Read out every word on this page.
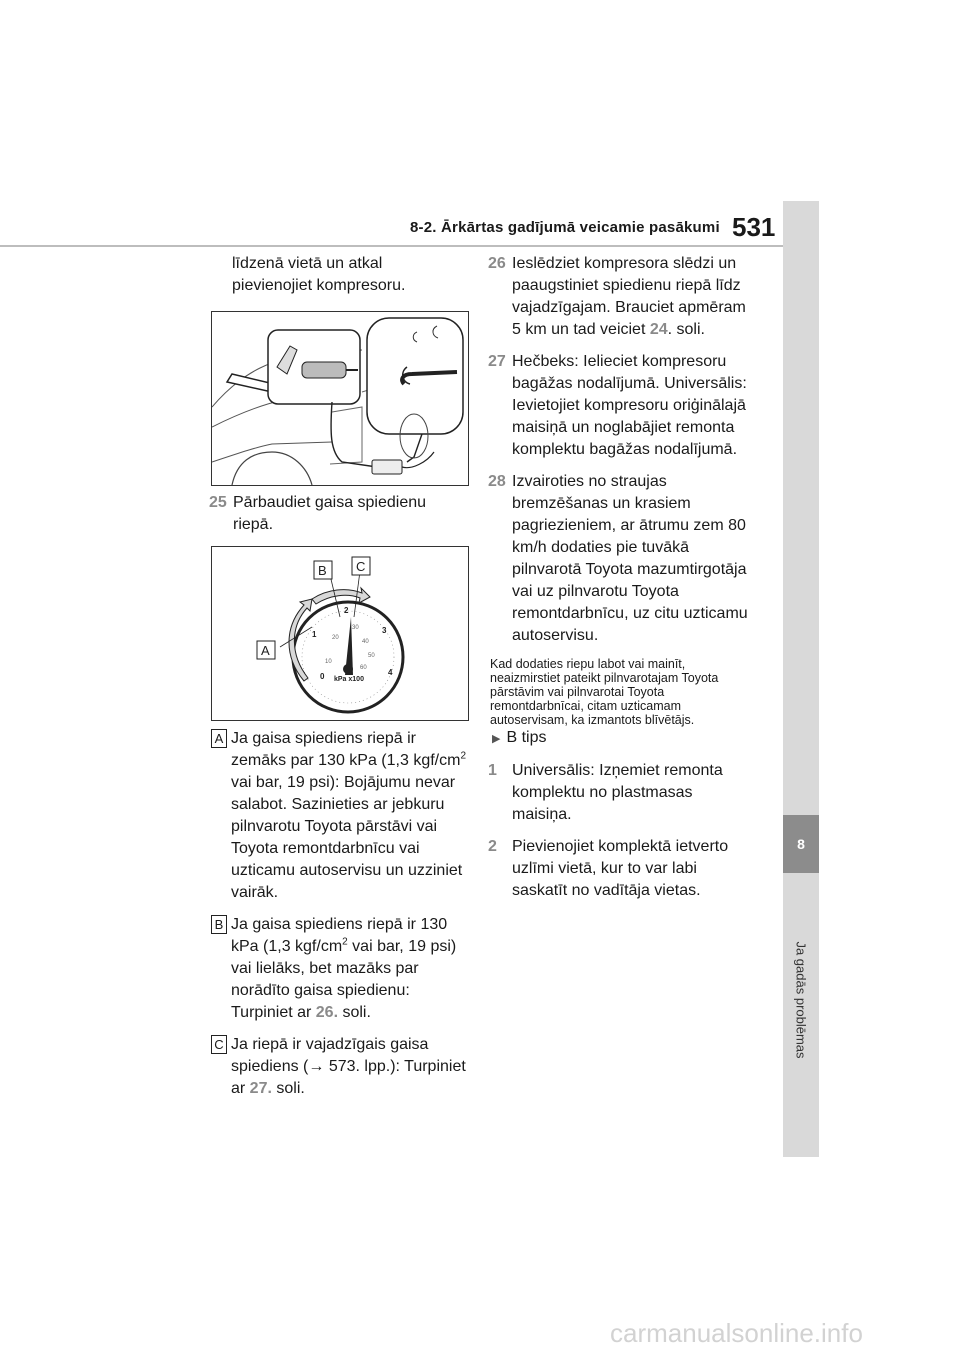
8-2. Ārkārtas gadījumā veicamie pasākumi 531
8
Ja gadās problēmas

līdzenā vietā un atkal

pievienojiet kompresoru.

25 Pārbaudiet gaisa spiedienu riepā.
1
2
3
4
0
10
20
30
40
50
60
kPa x100
A
B C
A Ja gaisa spiediens riepā ir zemāks par 130 kPa (1,3 kgf/$cm^2$ vai bar, 19 psi): Bojājumu nevar salabot. Sazinieties ar jebkuru pilnvarotu Toyota pārstāvi vai Toyota remontdarbnīcu vai uzticamu autoservisu un uzziniet vairāk.
B Ja gaisa spiediens riepā ir 130 kPa (1,3 kgf/$cm^2$ vai bar, 19 psi) vai lielāks, bet mazāks par norādīto gaisa spiedienu: Turpiniet ar 26. soli.
C Ja riepā ir vajadzīgais gaisa spiediens (→ 573. lpp.): Turpiniet ar 27. soli.
26 Ieslēdziet kompresora slēdzi un paaugstiniet spiedienu riepā līdz vajadzīgajam. Brauciet apmēram 5 km un tad veiciet 24. soli.
27 Hečbeks: Ielieciet kompresoru bagāžas nodalījumā. Universālis: Ievietojiet kompresoru oriģinālajā maisiņā un noglabājiet remonta komplektu bagāžas nodalījumā.
28 Izvairoties no straujas bremzēšanas un krasiem pagriezieniem, ar ātrumu zem 80 km/h dodaties pie tuvākā pilnvarotā Toyota mazumtirgotāja vai uz pilnvarotu Toyota remontdarbnīcu, uz citu uzticamu autoservisu.

Kad dodaties riepu labot vai mainīt, neaizmirstiet pateikt pilnvarotajam Toyota pārstāvim vai pilnvarotai Toyota remontdarbnīcai, citam uzticamam autoservisam, ka izmantots blīvētājs.

▶ B tips

1 Universālis: Izņemiet remonta komplektu no plastmasas maisiņa.
2 Pievienojiet komplektā ietverto uzlīmi vietā, kur to var labi saskatīt no vadītāja vietas.
carmanualsonline.info
